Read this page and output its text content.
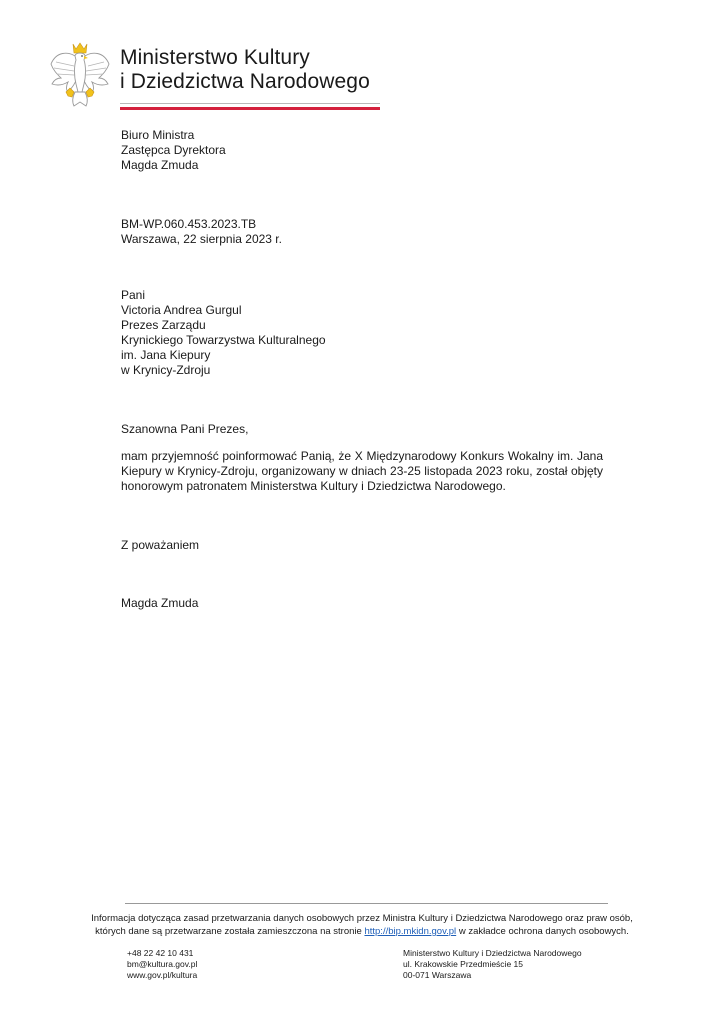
Ministerstwo Kultury
i Dziedzictwa Narodowego
Biuro Ministra
Zastępca Dyrektora
Magda Zmuda
BM-WP.060.453.2023.TB
Warszawa, 22 sierpnia 2023 r.
Pani
Victoria Andrea Gurgul
Prezes Zarządu
Krynickiego Towarzystwa Kulturalnego
im. Jana Kiepury
w Krynicy-Zdroju
Szanowna Pani Prezes,
mam przyjemność poinformować Panią, że X Międzynarodowy Konkurs Wokalny im. Jana Kiepury w Krynicy-Zdroju, organizowany w dniach 23-25 listopada 2023 roku, został objęty honorowym patronatem Ministerstwa Kultury i Dziedzictwa Narodowego.
Z poważaniem
Magda Zmuda
Informacja dotycząca zasad przetwarzania danych osobowych przez Ministra Kultury i Dziedzictwa Narodowego oraz praw osób,
których dane są przetwarzane została zamieszczona na stronie http://bip.mkidn.gov.pl w zakładce ochrona danych osobowych.
+48 22 42 10 431
bm@kultura.gov.pl
www.gov.pl/kultura
Ministerstwo Kultury i Dziedzictwa Narodowego
ul. Krakowskie Przedmieście 15
00-071 Warszawa
